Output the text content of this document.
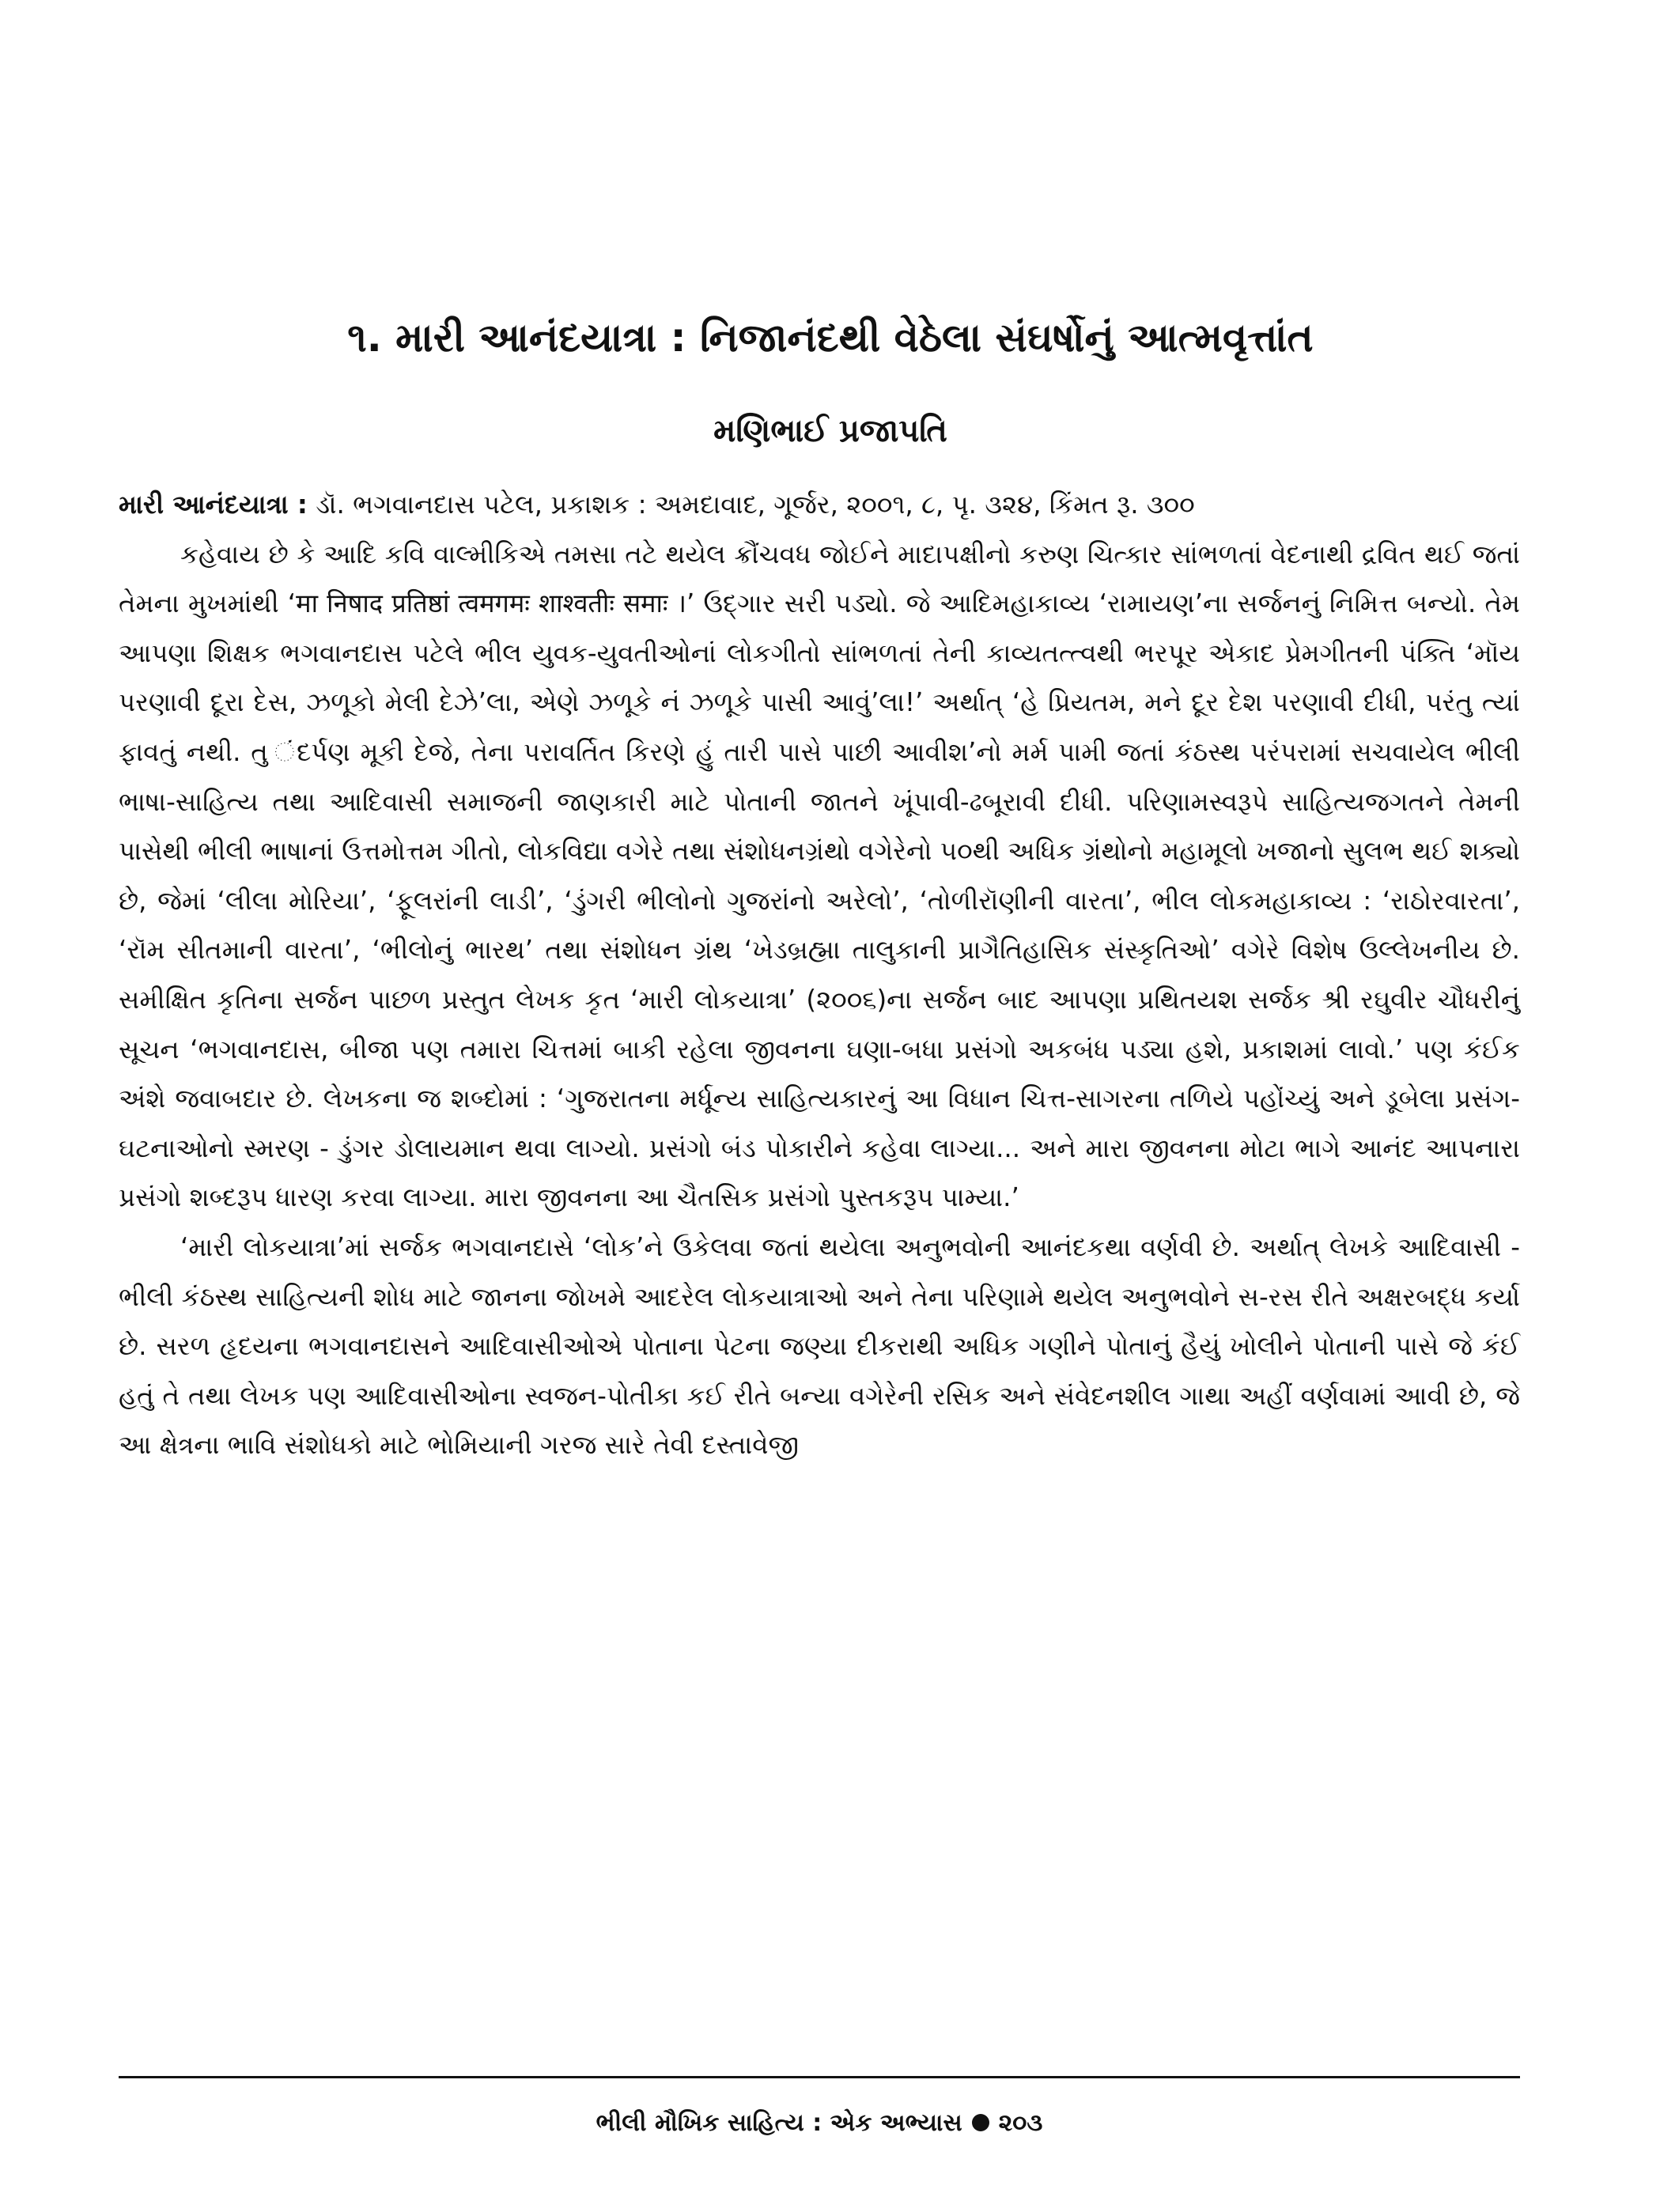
૧. મારી આનંદયાત્રા : નિજાનંદથી વેઠેલા સંઘર્ષોનું આત્મવૃત્તાંત
મણિભાઈ પ્રજાપતિ

મારી આનંદયાત્રા : ડૉ. ભગવાનદાસ પટેલ, પ્રકાશક : અમદાવાદ, ગૂર્જર, ૨૦૦૧, ૮, પૃ. ૩૨૪, કિંમત રૂ. ૩૦૦

કહેવાય છે કે આદિ કવિ વાલ્મીકિએ તમસા તટે થયેલ ક્રૌંચવધ જોઈને માદાપક્ષીનો કરુણ ચિત્કાર સાંભળતાં વેદનાથી દ્રવિત થઈ જતાં તેમના મુખમાંથી ‘मा निषाद प्रतिष्ठां त्वमगमः शाश्वतीः समाः ।’ ઉદ્ગાર સરી પડ્યો. જે આદિમહાકાવ્ય ‘રામાયણ’ના સર્જનનું નિમિત્ત બન્યો. તેમ આપણા શિક્ષક ભગવાનદાસ પટેલે ભીલ યુવક-યુવતીઓનાં લોકગીતો સાંભળતાં તેની કાવ્યતત્ત્વથી ભરપૂર એકાદ પ્રેમગીતની પંક્તિ ‘મૉય પરણાવી દૂરા દેસ, ઝળૂકો મેલી દેઝે’લા, એણે ઝળૂકે નં ઝળૂકે પાસી આવું’લા!’ અર્થાત્ ‘હે પ્રિયતમ, મને દૂર દેશ પરણાવી દીધી, પરંતુ ત્યાં ફાવતું નથી. તુ ંદર્પણ મૂકી દેજે, તેના પરાવર્તિત કિરણે હું તારી પાસે પાછી આવીશ’નો મર્મ પામી જતાં કંઠસ્થ પરંપરામાં સચવાયેલ ભીલી ભાષા-સાહિત્ય તથા આદિવાસી સમાજની જાણકારી માટે પોતાની જાતને ખૂંપાવી-ઢબૂરાવી દીધી. પરિણામસ્વરૂપે સાહિત્યજગતને તેમની પાસેથી ભીલી ભાષાનાં ઉત્તમોત્તમ ગીતો, લોકવિદ્યા વગેરે તથા સંશોધનગ્રંથો વગેરેનો ૫૦થી અધિક ગ્રંથોનો મહામૂલો ખજાનો સુલભ થઈ શક્યો છે, જેમાં ‘લીલા મોરિયા’, ‘ફૂલરાંની લાડી’, ‘ડુંગરી ભીલોનો ગુજરાંનો અરેલો’, ‘તોળીરૉણીની વારતા’, ભીલ લોકમહાકાવ્ય : ‘રાઠોરવારતા’, ‘રૉમ સીતમાની વારતા’, ‘ભીલોનું ભારથ’ તથા સંશોધન ગ્રંથ ‘ખેડબ્રહ્મા તાલુકાની પ્રાગૈતિહાસિક સંસ્કૃતિઓ’ વગેરે વિશેષ ઉલ્લેખનીય છે. સમીક્ષિત કૃતિના સર્જન પાછળ પ્રસ્તુત લેખક કૃત ‘મારી લોકયાત્રા’ (૨૦૦૬)ના સર્જન બાદ આપણા પ્રથિતયશ સર્જક શ્રી રઘુવીર ચૌધરીનું સૂચન ‘ભગવાનદાસ, બીજા પણ તમારા ચિત્તમાં બાકી રહેલા જીવનના ઘણા-બધા પ્રસંગો અકબંધ પડ્યા હશે, પ્રકાશમાં લાવો.’ પણ કંઈક અંશે જવાબદાર છે. લેખકના જ શબ્દોમાં : ‘ગુજરાતના મર્ધૂન્ય સાહિત્યકારનું આ વિધાન ચિત્ત-સાગરના તળિયે પહોંચ્યું અને ડૂબેલા પ્રસંગ-ઘટનાઓનો સ્મરણ - ડુંગર ડોલાયમાન થવા લાગ્યો. પ્રસંગો બંડ પોકારીને કહેવા લાગ્યા... અને મારા જીવનના મોટા ભાગે આનંદ આપનારા પ્રસંગો શબ્દરૂપ ધારણ કરવા લાગ્યા. મારા જીવનના આ ચૈતસિક પ્રસંગો પુસ્તકરૂપ પામ્યા.’

‘મારી લોકયાત્રા’માં સર્જક ભગવાનદાસે ‘લોક’ને ઉકેલવા જતાં થયેલા અનુભવોની આનંદકથા વર્ણવી છે. અર્થાત્ લેખકે આદિવાસી - ભીલી કંઠસ્થ સાહિત્યની શોધ માટે જાનના જોખમે આદરેલ લોકયાત્રાઓ અને તેના પરિણામે થયેલ અનુભવોને સ-રસ રીતે અક્ષરબદ્ધ કર્યા છે. સરળ હૃદયના ભગવાનદાસને આદિવાસીઓએ પોતાના પેટના જણ્યા દીકરાથી અધિક ગણીને પોતાનું હૈયું ખોલીને પોતાની પાસે જે કંઈ હતું તે તથા લેખક પણ આદિવાસીઓના સ્વજન-પોતીકા કઈ રીતે બન્યા વગેરેની રસિક અને સંવેદનશીલ ગાથા અહીં વર્ણવામાં આવી છે, જે આ ક્ષેત્રના ભાવિ સંશોધકો માટે ભોમિયાની ગરજ સારે તેવી દસ્તાવેજી

ભીલી મૌખિક સાહિત્ય : એક અભ્યાસ ૨૦૩
